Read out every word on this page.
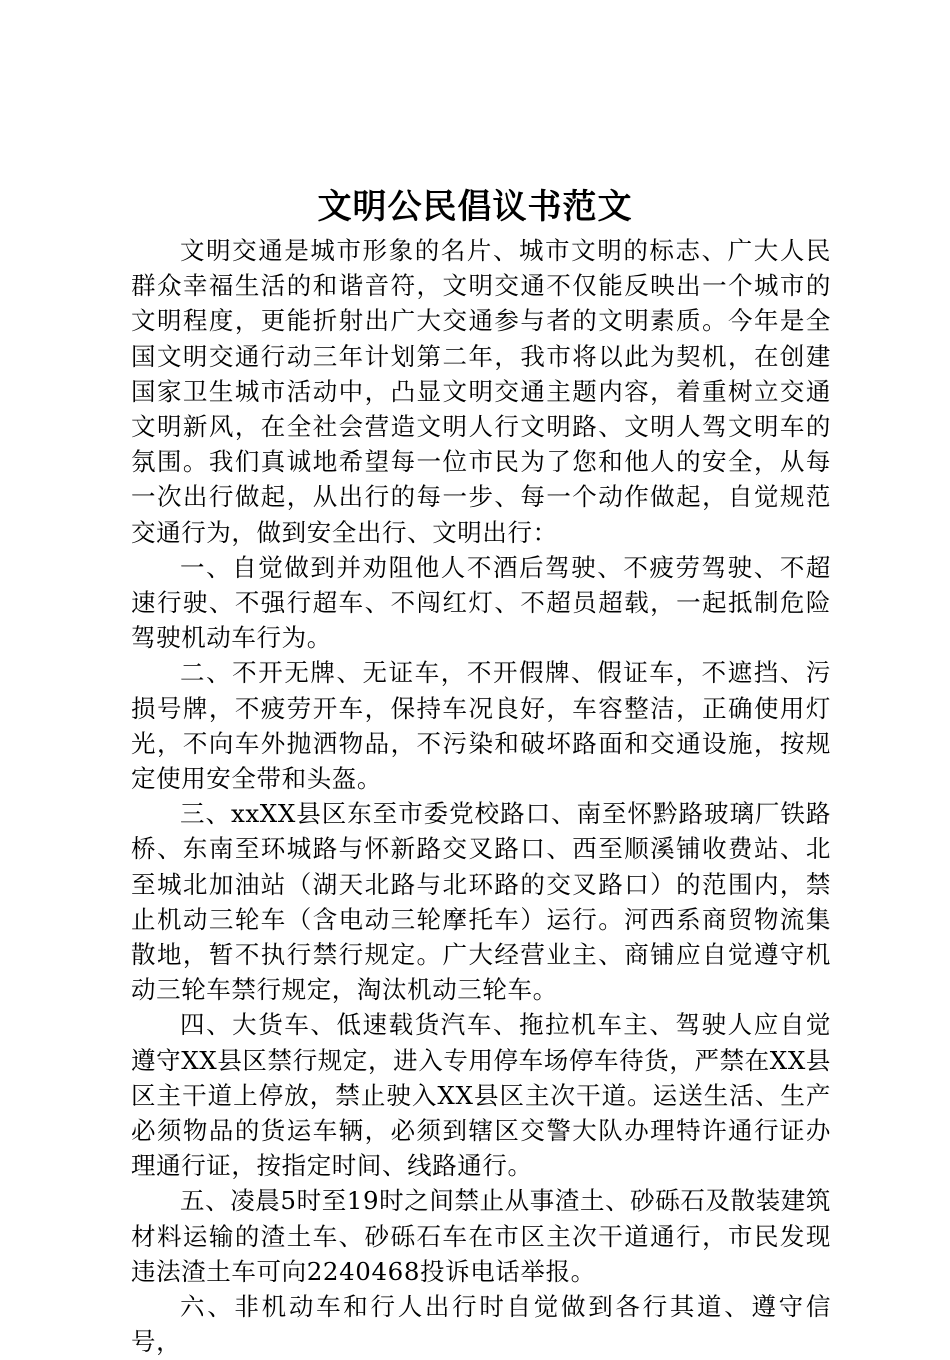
文明公民倡议书范文

文明交通是城市形象的名片、城市文明的标志、广大人民群众幸福生活的和谐音符，文明交通不仅能反映出一个城市的文明程度，更能折射出广大交通参与者的文明素质。今年是全国文明交通行动三年计划第二年，我市将以此为契机，在创建国家卫生城市活动中，凸显文明交通主题内容，着重树立交通文明新风，在全社会营造文明人行文明路、文明人驾文明车的氛围。我们真诚地希望每一位市民为了您和他人的安全，从每一次出行做起，从出行的每一步、每一个动作做起，自觉规范交通行为，做到安全出行、文明出行：

一、自觉做到并劝阻他人不酒后驾驶、不疲劳驾驶、不超速行驶、不强行超车、不闯红灯、不超员超载，一起抵制危险驾驶机动车行为。

二、不开无牌、无证车，不开假牌、假证车，不遮挡、污损号牌，不疲劳开车，保持车况良好，车容整洁，正确使用灯光，不向车外抛洒物品，不污染和破坏路面和交通设施，按规定使用安全带和头盔。

三、xxXX县区东至市委党校路口、南至怀黔路玻璃厂铁路桥、东南至环城路与怀新路交叉路口、西至顺溪铺收费站、北至城北加油站（湖天北路与北环路的交叉路口）的范围内，禁止机动三轮车（含电动三轮摩托车）运行。河西系商贸物流集散地，暂不执行禁行规定。广大经营业主、商铺应自觉遵守机动三轮车禁行规定，淘汰机动三轮车。

四、大货车、低速载货汽车、拖拉机车主、驾驶人应自觉遵守XX县区禁行规定，进入专用停车场停车待货，严禁在XX县区主干道上停放，禁止驶入XX县区主次干道。运送生活、生产必须物品的货运车辆，必须到辖区交警大队办理特许通行证办理通行证，按指定时间、线路通行。

五、凌晨5时至19时之间禁止从事渣土、砂砾石及散装建筑材料运输的渣土车、砂砾石车在市区主次干道通行，市民发现违法渣土车可向2240468投诉电话举报。

六、非机动车和行人出行时自觉做到各行其道、遵守信号，
